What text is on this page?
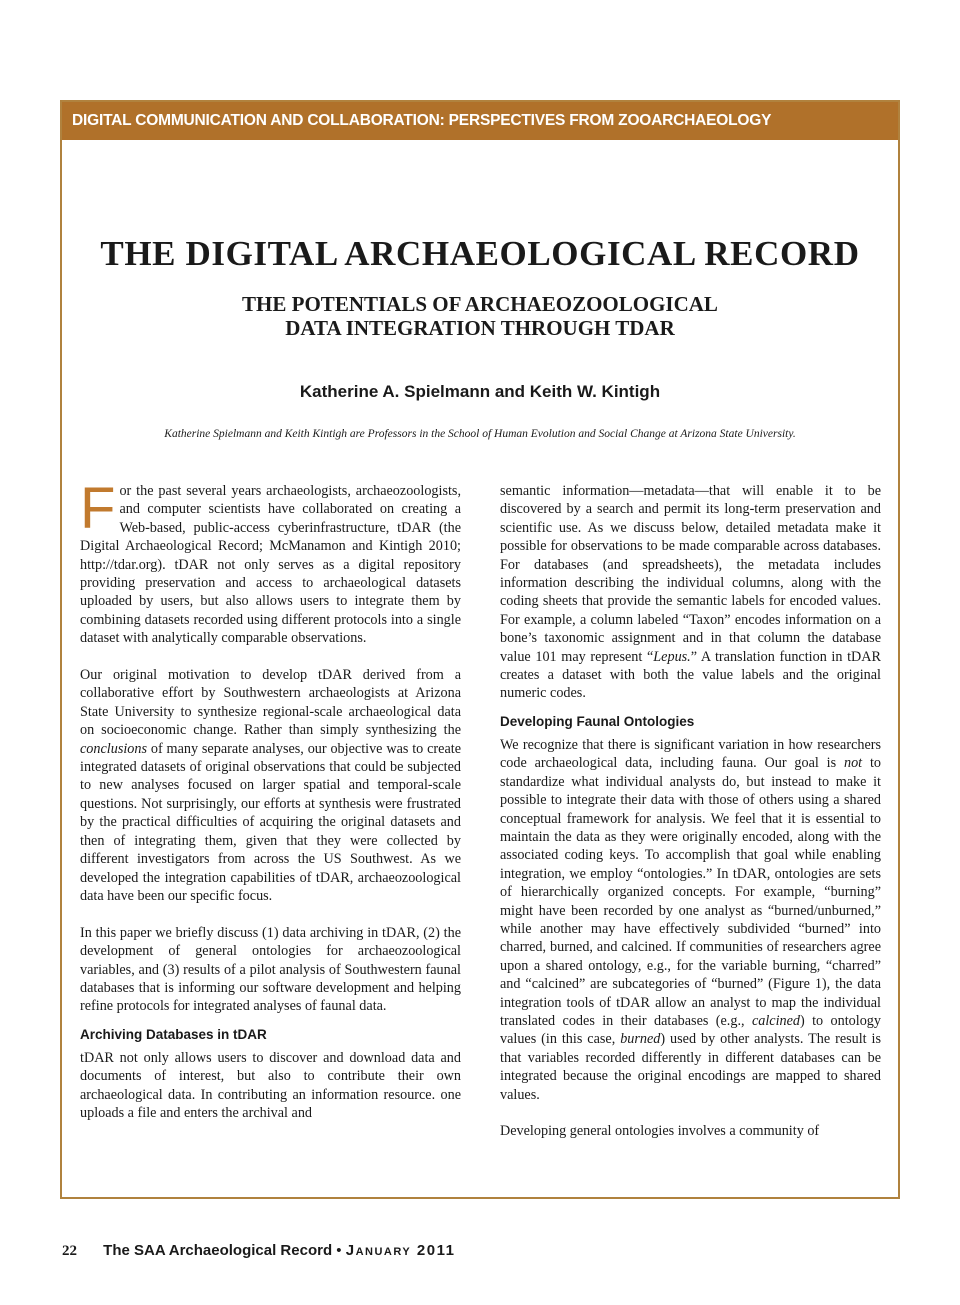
DIGITAL COMMUNICATION AND COLLABORATION: PERSPECTIVES FROM ZOOARCHAEOLOGY
THE DIGITAL ARCHAEOLOGICAL RECORD
THE POTENTIALS OF ARCHAEOZOOLOGICAL
DATA INTEGRATION THROUGH TDAR
Katherine A. Spielmann and Keith W. Kintigh
Katherine Spielmann and Keith Kintigh are Professors in the School of Human Evolution and Social Change at Arizona State University.

For the past several years archaeologists, archaeozoologists, and computer scientists have collaborated on creating a Web-based, public-access cyberinfrastructure, tDAR (the Digital Archaeological Record; McManamon and Kintigh 2010; http://tdar.org). tDAR not only serves as a digital repository providing preservation and access to archaeological datasets uploaded by users, but also allows users to integrate them by combining datasets recorded using different protocols into a single dataset with analytically comparable observations.

Our original motivation to develop tDAR derived from a collaborative effort by Southwestern archaeologists at Arizona State University to synthesize regional-scale archaeological data on socioeconomic change. Rather than simply synthesizing the conclusions of many separate analyses, our objective was to create integrated datasets of original observations that could be subjected to new analyses focused on larger spatial and temporal-scale questions. Not surprisingly, our efforts at synthesis were frustrated by the practical difficulties of acquiring the original datasets and then of integrating them, given that they were collected by different investigators from across the US Southwest. As we developed the integration capabilities of tDAR, archaeozoological data have been our specific focus.

In this paper we briefly discuss (1) data archiving in tDAR, (2) the development of general ontologies for archaeozoological variables, and (3) results of a pilot analysis of Southwestern faunal databases that is informing our software development and helping refine protocols for integrated analyses of faunal data.

Archiving Databases in tDAR

tDAR not only allows users to discover and download data and documents of interest, but also to contribute their own archaeological data. In contributing an information resource. one uploads a file and enters the archival and

semantic information—metadata—that will enable it to be discovered by a search and permit its long-term preservation and scientific use. As we discuss below, detailed metadata make it possible for observations to be made comparable across databases. For databases (and spreadsheets), the metadata includes information describing the individual columns, along with the coding sheets that provide the semantic labels for encoded values. For example, a column labeled “Taxon” encodes information on a bone’s taxonomic assignment and in that column the database value 101 may represent “Lepus.” A translation function in tDAR creates a dataset with both the value labels and the original numeric codes.

Developing Faunal Ontologies

We recognize that there is significant variation in how researchers code archaeological data, including fauna. Our goal is not to standardize what individual analysts do, but instead to make it possible to integrate their data with those of others using a shared conceptual framework for analysis. We feel that it is essential to maintain the data as they were originally encoded, along with the associated coding keys. To accomplish that goal while enabling integration, we employ “ontologies.” In tDAR, ontologies are sets of hierarchically organized concepts. For example, “burning” might have been recorded by one analyst as “burned/unburned,” while another may have effectively subdivided “burned” into charred, burned, and calcined. If communities of researchers agree upon a shared ontology, e.g., for the variable burning, “charred” and “calcined” are subcategories of “burned” (Figure 1), the data integration tools of tDAR allow an analyst to map the individual translated codes in their databases (e.g., calcined) to ontology values (in this case, burned) used by other analysts. The result is that variables recorded differently in different databases can be integrated because the original encodings are mapped to shared values.

Developing general ontologies involves a community of

22 The SAA Archaeological Record • January 2011
